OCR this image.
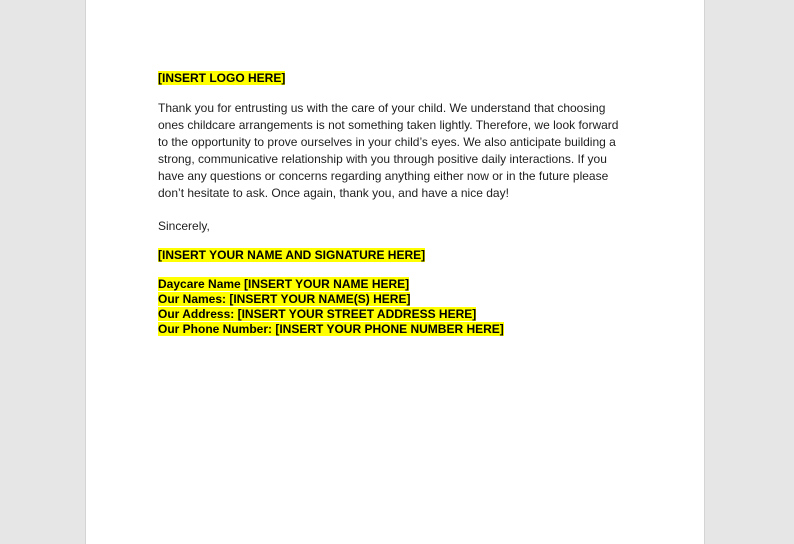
[INSERT LOGO HERE]

Thank you for entrusting us with the care of your child. We understand that choosing ones childcare arrangements is not something taken lightly. Therefore, we look forward to the opportunity to prove ourselves in your child’s eyes. We also anticipate building a strong, communicative relationship with you through positive daily interactions. If you have any questions or concerns regarding anything either now or in the future please don’t hesitate to ask. Once again, thank you, and have a nice day!

Sincerely,

[INSERT YOUR NAME AND SIGNATURE HERE]

Daycare Name [INSERT YOUR NAME HERE]
Our Names: [INSERT YOUR NAME(S) HERE]
Our Address: [INSERT YOUR STREET ADDRESS HERE]
Our Phone Number: [INSERT YOUR PHONE NUMBER HERE]
